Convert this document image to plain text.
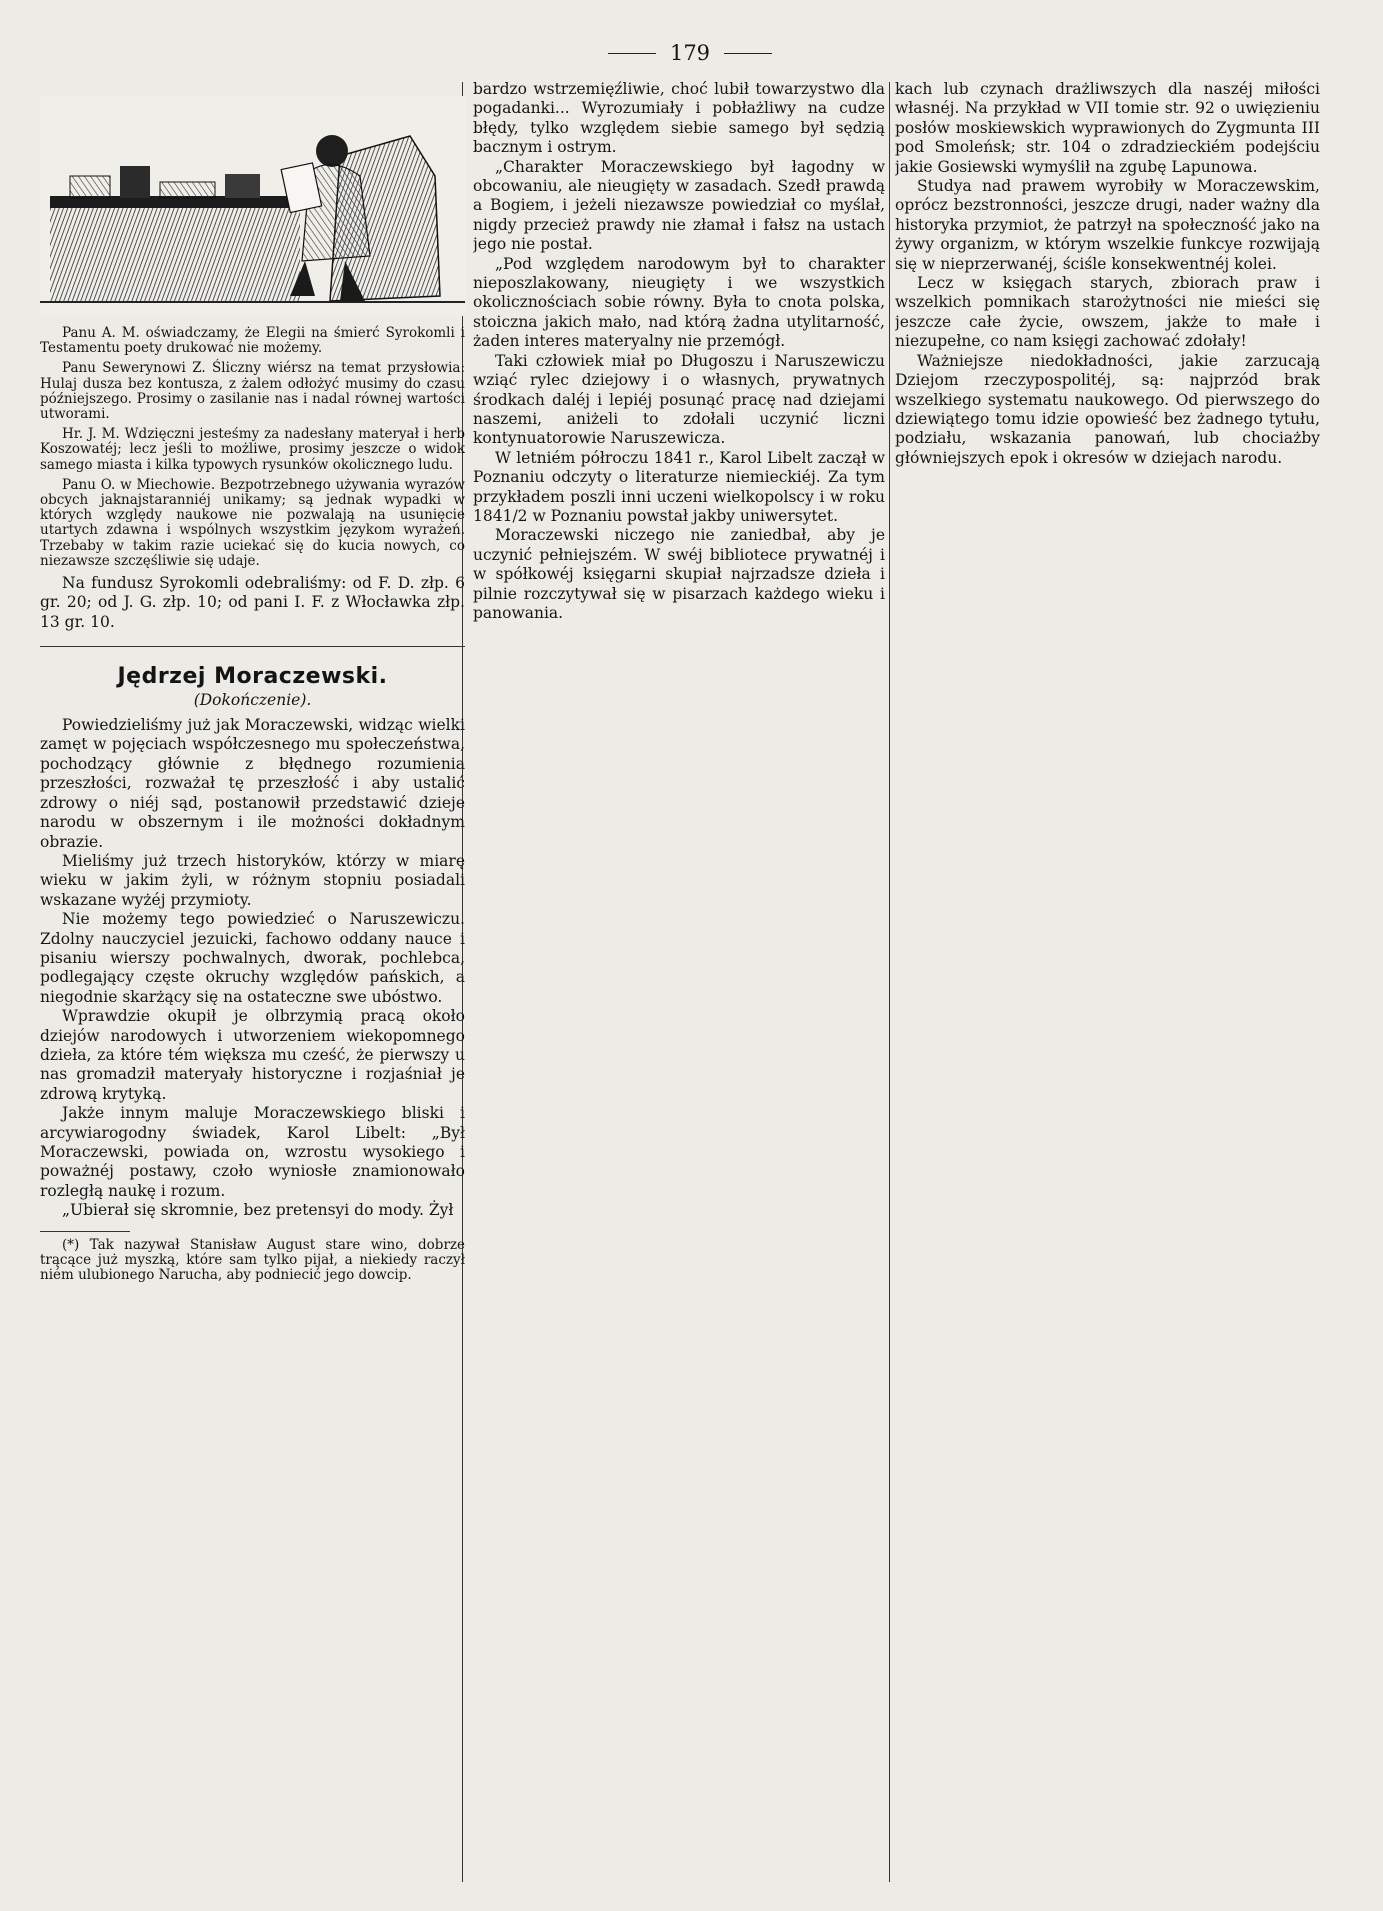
179

Panu A. M. oświadczamy, że Elegii na śmierć Syrokomli i Testamentu poety drukować nie możemy.

Panu Sewerynowi Z. Śliczny wiérsz na temat przysłowia: Hulaj dusza bez kontusza, z żalem odłożyć musimy do czasu późniejszego. Prosimy o zasilanie nas i nadal równej wartości utworami.

Hr. J. M. Wdzięczni jesteśmy za nadesłany materyał i herb Koszowatéj; lecz jeśli to możliwe, prosimy jeszcze o widok samego miasta i kilka typowych rysunków okolicznego ludu.

Panu O. w Miechowie. Bezpotrzebnego używania wyrazów obcych jaknajstaranniéj unikamy; są jednak wypadki w których względy naukowe nie pozwalają na usunięcie utartych zdawna i wspólnych wszystkim językom wyrażeń. Trzebaby w takim razie uciekać się do kucia nowych, co niezawsze szczęśliwie się udaje.

Na fundusz Syrokomli odebraliśmy: od F. D. złp. 6 gr. 20; od J. G. złp. 10; od pani I. F. z Włocławka złp. 13 gr. 10.

Jędrzej Moraczewski.
(Dokończenie).

Powiedzieliśmy już jak Moraczewski, widząc wielki zamęt w pojęciach współczesnego mu społeczeństwa, pochodzący głównie z błędnego rozumienia przeszłości, rozważał tę przeszłość i aby ustalić zdrowy o niéj sąd, postanowił przedstawić dzieje narodu w obszernym i ile możności dokładnym obrazie.

Mieliśmy już trzech historyków, którzy w miarę wieku w jakim żyli, w różnym stopniu posiadali wskazane wyżéj przymioty.

Nie możemy tego powiedzieć o Naruszewiczu. Zdolny nauczyciel jezuicki, fachowo oddany nauce i pisaniu wierszy pochwalnych, dworak, pochlebca, podlegający częste okruchy względów pańskich, a niegodnie skarżący się na ostateczne swe ubóstwo.

Wprawdzie okupił je olbrzymią pracą około dziejów narodowych i utworzeniem wiekopomnego dzieła, za które tém większa mu cześć, że pierwszy u nas gromadził materyały historyczne i rozjaśniał je zdrową krytyką.

Jakże innym maluje Moraczewskiego bliski i arcywiarogodny świadek, Karol Libelt: „Był Moraczewski, powiada on, wzrostu wysokiego i poważnéj postawy, czoło wyniosłe znamionowało rozległą naukę i rozum.

„Ubierał się skromnie, bez pretensyi do mody. Żył

(*) Tak nazywał Stanisław August stare wino, dobrze trącące już myszką, które sam tylko pijał, a niekiedy raczył niém ulubionego Narucha, aby podniecić jego dowcip.

bardzo wstrzemięźliwie, choć lubił towarzystwo dla pogadanki... Wyrozumiały i pobłażliwy na cudze błędy, tylko względem siebie samego był sędzią bacznym i ostrym.

„Charakter Moraczewskiego był łagodny w obcowaniu, ale nieugięty w zasadach. Szedł prawdą a Bogiem, i jeżeli niezawsze powiedział co myślał, nigdy przecież prawdy nie złamał i fałsz na ustach jego nie postał.

„Pod względem narodowym był to charakter nieposzlakowany, nieugięty i we wszystkich okolicznościach sobie równy. Była to cnota polska, stoiczna jakich mało, nad którą żadna utylitarność, żaden interes materyalny nie przemógł.

Taki człowiek miał po Długoszu i Naruszewiczu wziąć rylec dziejowy i o własnych, prywatnych środkach daléj i lepiéj posunąć pracę nad dziejami naszemi, aniżeli to zdołali uczynić liczni kontynuatorowie Naruszewicza.

W letniém półroczu 1841 r., Karol Libelt zaczął w Poznaniu odczyty o literaturze niemieckiéj. Za tym przykładem poszli inni uczeni wielkopolscy i w roku 1841/2 w Poznaniu powstał jakby uniwersytet.

Moraczewski niczego nie zaniedbał, aby je uczynić pełniejszém. W swéj bibliotece prywatnéj i w spółkowéj księgarni skupiał najrzadsze dzieła i pilnie rozczytywał się w pisarzach każdego wieku i panowania.

kach lub czynach drażliwszych dla naszéj miłości własnéj. Na przykład w VII tomie str. 92 o uwięzieniu posłów moskiewskich wyprawionych do Zygmunta III pod Smoleńsk; str. 104 o zdradzieckiém podejściu jakie Gosiewski wymyślił na zgubę Lapunowa.

Studya nad prawem wyrobiły w Moraczewskim, oprócz bezstronności, jeszcze drugi, nader ważny dla historyka przymiot, że patrzył na społeczność jako na żywy organizm, w którym wszelkie funkcye rozwijają się w nieprzerwanéj, ściśle konsekwentnéj kolei.

Lecz w księgach starych, zbiorach praw i wszelkich pomnikach starożytności nie mieści się jeszcze całe życie, owszem, jakże to małe i niezupełne, co nam księgi zachować zdołały!

Ważniejsze niedokładności, jakie zarzucają Dziejom rzeczypospolitéj, są: najprzód brak wszelkiego systematu naukowego. Od pierwszego do dziewiątego tomu idzie opowieść bez żadnego tytułu, podziału, wskazania panowań, lub chociażby główniejszych epok i okresów w dziejach narodu.
